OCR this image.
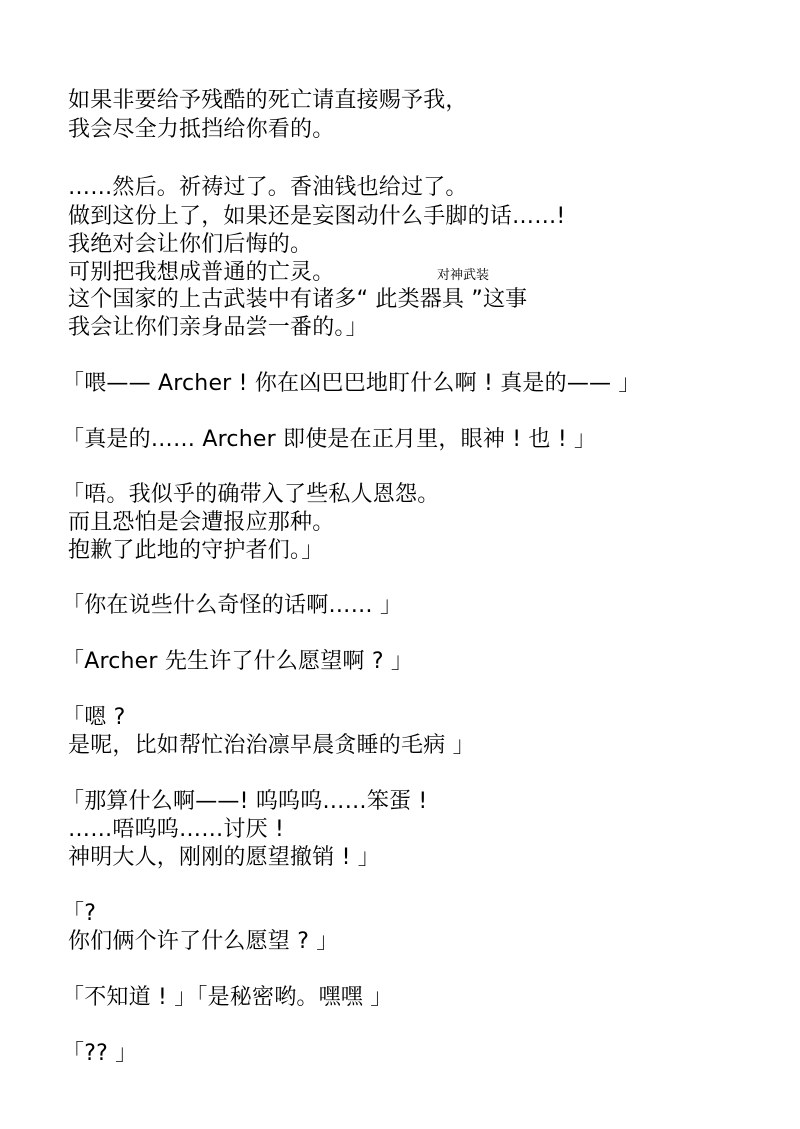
如果非要给予残酷的死亡请直接赐予我，
我会尽全力抵挡给你看的。
……然后。祈祷过了。香油钱也给过了。
做到这份上了，如果还是妄图动什么手脚的话……!
我绝对会让你们后悔的。
可别把我想成普通的亡灵。	对神武装
这个国家的上古武装中有诸多“ 此类器具 ”这事
我会让你们亲身品尝一番的。」
「喂—— Archer ! 你在凶巴巴地盯什么啊 ! 真是的—— 」
「真是的…… Archer 即使是在正月里，眼神 ! 也 ! 」
「唔。我似乎的确带入了些私人恩怨。
而且恐怕是会遭报应那种。
抱歉了此地的守护者们。」
「你在说些什么奇怪的话啊…… 」
「Archer 先生许了什么愿望啊 ? 」
「嗯 ?
是呢，比如帮忙治治凛早晨贪睡的毛病 」
「那算什么啊——! 呜呜呜……笨蛋 !
……唔呜呜……讨厌 !
神明大人，刚刚的愿望撤销 ! 」
「?
你们俩个许了什么愿望 ? 」
「不知道 ! 」「是秘密哟。嘿嘿 」
「?? 」
